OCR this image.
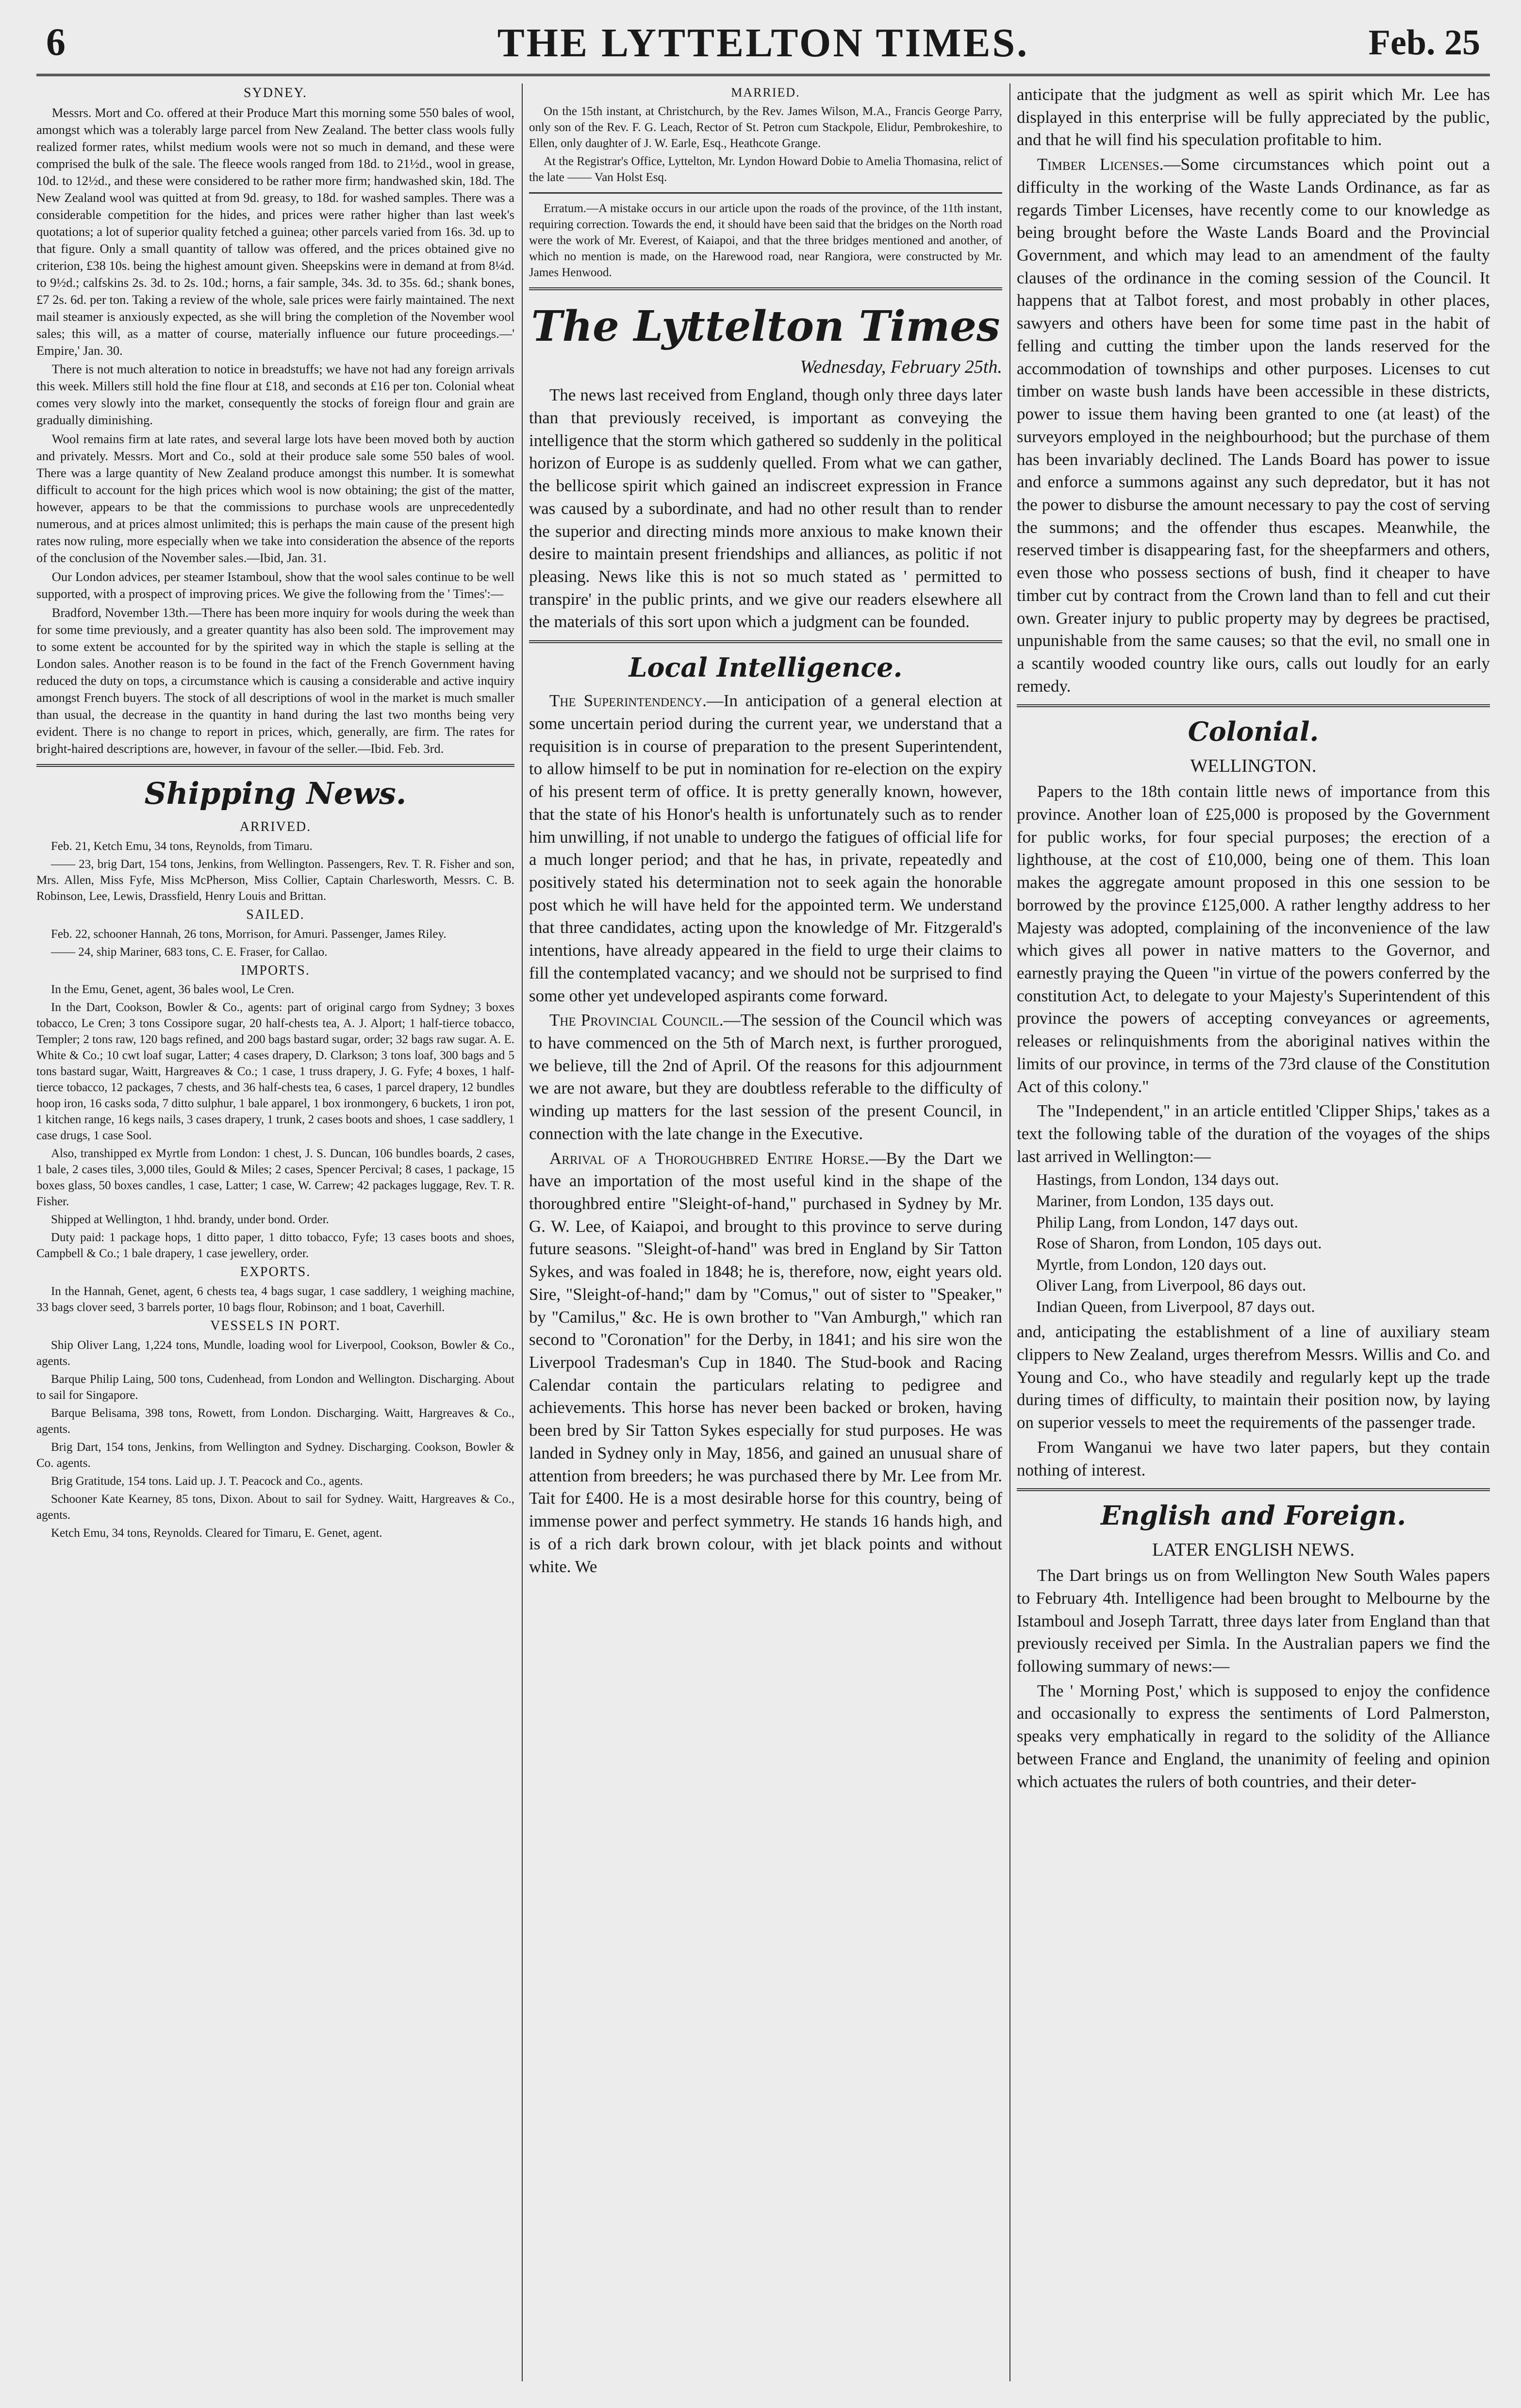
6	THE LYTTELTON TIMES.	Feb. 25
SYDNEY.

Messrs. Mort and Co. offered at their Produce Mart this morning some 550 bales of wool, amongst which was a tolerably large parcel from New Zealand. The better class wools fully realized former rates, whilst medium wools were not so much in demand, and these were comprised the bulk of the sale. The fleece wools ranged from 18d. to 21½d., wool in grease, 10d. to 12½d., and these were considered to be rather more firm; handwashed skin, 18d. The New Zealand wool was quitted at from 9d. greasy, to 18d. for washed samples. There was a considerable competition for the hides, and prices were rather higher than last week's quotations; a lot of superior quality fetched a guinea; other parcels varied from 16s. 3d. up to that figure. Only a small quantity of tallow was offered, and the prices obtained give no criterion, £38 10s. being the highest amount given. Sheepskins were in demand at from 8¼d. to 9½d.; calfskins 2s. 3d. to 2s. 10d.; horns, a fair sample, 34s. 3d. to 35s. 6d.; shank bones, £7 2s. 6d. per ton. Taking a review of the whole, sale prices were fairly maintained. The next mail steamer is anxiously expected, as she will bring the completion of the November wool sales; this will, as a matter of course, materially influence our future proceedings.—' Empire,' Jan. 30.

There is not much alteration to notice in breadstuffs; we have not had any foreign arrivals this week. Millers still hold the fine flour at £18, and seconds at £16 per ton. Colonial wheat comes very slowly into the market, consequently the stocks of foreign flour and grain are gradually diminishing.

Wool remains firm at late rates, and several large lots have been moved both by auction and privately. Messrs. Mort and Co., sold at their produce sale some 550 bales of wool. There was a large quantity of New Zealand produce amongst this number. It is somewhat difficult to account for the high prices which wool is now obtaining; the gist of the matter, however, appears to be that the commissions to purchase wools are unprecedentedly numerous, and at prices almost unlimited; this is perhaps the main cause of the present high rates now ruling, more especially when we take into consideration the absence of the reports of the conclusion of the November sales.—Ibid, Jan. 31.

Our London advices, per steamer Istamboul, show that the wool sales continue to be well supported, with a prospect of improving prices. We give the following from the ' Times':—

Bradford, November 13th.—There has been more inquiry for wools during the week than for some time previously, and a greater quantity has also been sold. The improvement may to some extent be accounted for by the spirited way in which the staple is selling at the London sales. Another reason is to be found in the fact of the French Government having reduced the duty on tops, a circumstance which is causing a considerable and active inquiry amongst French buyers. The stock of all descriptions of wool in the market is much smaller than usual, the decrease in the quantity in hand during the last two months being very evident. There is no change to report in prices, which, generally, are firm. The rates for bright-haired descriptions are, however, in favour of the seller.—Ibid. Feb. 3rd.

Shipping News.
ARRIVED.

Feb. 21, Ketch Emu, 34 tons, Reynolds, from Timaru.

—— 23, brig Dart, 154 tons, Jenkins, from Wellington. Passengers, Rev. T. R. Fisher and son, Mrs. Allen, Miss Fyfe, Miss McPherson, Miss Collier, Captain Charlesworth, Messrs. C. B. Robinson, Lee, Lewis, Drassfield, Henry Louis and Brittan.

SAILED.

Feb. 22, schooner Hannah, 26 tons, Morrison, for Amuri. Passenger, James Riley.

—— 24, ship Mariner, 683 tons, C. E. Fraser, for Callao.

IMPORTS.

In the Emu, Genet, agent, 36 bales wool, Le Cren.

In the Dart, Cookson, Bowler & Co., agents: part of original cargo from Sydney; 3 boxes tobacco, Le Cren; 3 tons Cossipore sugar, 20 half-chests tea, A. J. Alport; 1 half-tierce tobacco, Templer; 2 tons raw, 120 bags refined, and 200 bags bastard sugar, order; 32 bags raw sugar. A. E. White & Co.; 10 cwt loaf sugar, Latter; 4 cases drapery, D. Clarkson; 3 tons loaf, 300 bags and 5 tons bastard sugar, Waitt, Hargreaves & Co.; 1 case, 1 truss drapery, J. G. Fyfe; 4 boxes, 1 half-tierce tobacco, 12 packages, 7 chests, and 36 half-chests tea, 6 cases, 1 parcel drapery, 12 bundles hoop iron, 16 casks soda, 7 ditto sulphur, 1 bale apparel, 1 box ironmongery, 6 buckets, 1 iron pot, 1 kitchen range, 16 kegs nails, 3 cases drapery, 1 trunk, 2 cases boots and shoes, 1 case saddlery, 1 case drugs, 1 case Sool.

Also, transhipped ex Myrtle from London: 1 chest, J. S. Duncan, 106 bundles boards, 2 cases, 1 bale, 2 cases tiles, 3,000 tiles, Gould & Miles; 2 cases, Spencer Percival; 8 cases, 1 package, 15 boxes glass, 50 boxes candles, 1 case, Latter; 1 case, W. Carrew; 42 packages luggage, Rev. T. R. Fisher.

Shipped at Wellington, 1 hhd. brandy, under bond. Order.

Duty paid: 1 package hops, 1 ditto paper, 1 ditto tobacco, Fyfe; 13 cases boots and shoes, Campbell & Co.; 1 bale drapery, 1 case jewellery, order.

EXPORTS.

In the Hannah, Genet, agent, 6 chests tea, 4 bags sugar, 1 case saddlery, 1 weighing machine, 33 bags clover seed, 3 barrels porter, 10 bags flour, Robinson; and 1 boat, Caverhill.

VESSELS IN PORT.

Ship Oliver Lang, 1,224 tons, Mundle, loading wool for Liverpool, Cookson, Bowler & Co., agents.

Barque Philip Laing, 500 tons, Cudenhead, from London and Wellington. Discharging. About to sail for Singapore.

Barque Belisama, 398 tons, Rowett, from London. Discharging. Waitt, Hargreaves & Co., agents.

Brig Dart, 154 tons, Jenkins, from Wellington and Sydney. Discharging. Cookson, Bowler & Co. agents.

Brig Gratitude, 154 tons. Laid up. J. T. Peacock and Co., agents.

Schooner Kate Kearney, 85 tons, Dixon. About to sail for Sydney. Waitt, Hargreaves & Co., agents.

Ketch Emu, 34 tons, Reynolds. Cleared for Timaru, E. Genet, agent.

MARRIED.

On the 15th instant, at Christchurch, by the Rev. James Wilson, M.A., Francis George Parry, only son of the Rev. F. G. Leach, Rector of St. Petron cum Stackpole, Elidur, Pembrokeshire, to Ellen, only daughter of J. W. Earle, Esq., Heathcote Grange.

At the Registrar's Office, Lyttelton, Mr. Lyndon Howard Dobie to Amelia Thomasina, relict of the late —— Van Holst Esq.

Erratum.—A mistake occurs in our article upon the roads of the province, of the 11th instant, requiring correction. Towards the end, it should have been said that the bridges on the North road were the work of Mr. Everest, of Kaiapoi, and that the three bridges mentioned and another, of which no mention is made, on the Harewood road, near Rangiora, were constructed by Mr. James Henwood.

The Lyttelton Times
Wednesday, February 25th.

The news last received from England, though only three days later than that previously received, is important as conveying the intelligence that the storm which gathered so suddenly in the political horizon of Europe is as suddenly quelled. From what we can gather, the bellicose spirit which gained an indiscreet expression in France was caused by a subordinate, and had no other result than to render the superior and directing minds more anxious to make known their desire to maintain present friendships and alliances, as politic if not pleasing. News like this is not so much stated as ' permitted to transpire' in the public prints, and we give our readers elsewhere all the materials of this sort upon which a judgment can be founded.

Local Intelligence.

The Superintendency.—In anticipation of a general election at some uncertain period during the current year, we understand that a requisition is in course of preparation to the present Superintendent, to allow himself to be put in nomination for re-election on the expiry of his present term of office. It is pretty generally known, however, that the state of his Honor's health is unfortunately such as to render him unwilling, if not unable to undergo the fatigues of official life for a much longer period; and that he has, in private, repeatedly and positively stated his determination not to seek again the honorable post which he will have held for the appointed term. We understand that three candidates, acting upon the knowledge of Mr. Fitzgerald's intentions, have already appeared in the field to urge their claims to fill the contemplated vacancy; and we should not be surprised to find some other yet undeveloped aspirants come forward.

The Provincial Council.—The session of the Council which was to have commenced on the 5th of March next, is further prorogued, we believe, till the 2nd of April. Of the reasons for this adjournment we are not aware, but they are doubtless referable to the difficulty of winding up matters for the last session of the present Council, in connection with the late change in the Executive.

Arrival of a Thoroughbred Entire Horse.—By the Dart we have an importation of the most useful kind in the shape of the thoroughbred entire "Sleight-of-hand," purchased in Sydney by Mr. G. W. Lee, of Kaiapoi, and brought to this province to serve during future seasons. "Sleight-of-hand" was bred in England by Sir Tatton Sykes, and was foaled in 1848; he is, therefore, now, eight years old. Sire, "Sleight-of-hand;" dam by "Comus," out of sister to "Speaker," by "Camilus," &c. He is own brother to "Van Amburgh," which ran second to "Coronation" for the Derby, in 1841; and his sire won the Liverpool Tradesman's Cup in 1840. The Stud-book and Racing Calendar contain the particulars relating to pedigree and achievements. This horse has never been backed or broken, having been bred by Sir Tatton Sykes especially for stud purposes. He was landed in Sydney only in May, 1856, and gained an unusual share of attention from breeders; he was purchased there by Mr. Lee from Mr. Tait for £400. He is a most desirable horse for this country, being of immense power and perfect symmetry. He stands 16 hands high, and is of a rich dark brown colour, with jet black points and without white. We

anticipate that the judgment as well as spirit which Mr. Lee has displayed in this enterprise will be fully appreciated by the public, and that he will find his speculation profitable to him.

Timber Licenses.—Some circumstances which point out a difficulty in the working of the Waste Lands Ordinance, as far as regards Timber Licenses, have recently come to our knowledge as being brought before the Waste Lands Board and the Provincial Government, and which may lead to an amendment of the faulty clauses of the ordinance in the coming session of the Council. It happens that at Talbot forest, and most probably in other places, sawyers and others have been for some time past in the habit of felling and cutting the timber upon the lands reserved for the accommodation of townships and other purposes. Licenses to cut timber on waste bush lands have been accessible in these districts, power to issue them having been granted to one (at least) of the surveyors employed in the neighbourhood; but the purchase of them has been invariably declined. The Lands Board has power to issue and enforce a summons against any such depredator, but it has not the power to disburse the amount necessary to pay the cost of serving the summons; and the offender thus escapes. Meanwhile, the reserved timber is disappearing fast, for the sheepfarmers and others, even those who possess sections of bush, find it cheaper to have timber cut by contract from the Crown land than to fell and cut their own. Greater injury to public property may by degrees be practised, unpunishable from the same causes; so that the evil, no small one in a scantily wooded country like ours, calls out loudly for an early remedy.

Colonial.
WELLINGTON.

Papers to the 18th contain little news of importance from this province. Another loan of £25,000 is proposed by the Government for public works, for four special purposes; the erection of a lighthouse, at the cost of £10,000, being one of them. This loan makes the aggregate amount proposed in this one session to be borrowed by the province £125,000. A rather lengthy address to her Majesty was adopted, complaining of the inconvenience of the law which gives all power in native matters to the Governor, and earnestly praying the Queen "in virtue of the powers conferred by the constitution Act, to delegate to your Majesty's Superintendent of this province the powers of accepting conveyances or agreements, releases or relinquishments from the aboriginal natives within the limits of our province, in terms of the 73rd clause of the Constitution Act of this colony."

The "Independent," in an article entitled 'Clipper Ships,' takes as a text the following table of the duration of the voyages of the ships last arrived in Wellington:—

Hastings, from London, 134 days out.
Mariner, from London, 135 days out.
Philip Lang, from London, 147 days out.
Rose of Sharon, from London, 105 days out.
Myrtle, from London, 120 days out.
Oliver Lang, from Liverpool, 86 days out.
Indian Queen, from Liverpool, 87 days out.

and, anticipating the establishment of a line of auxiliary steam clippers to New Zealand, urges therefrom Messrs. Willis and Co. and Young and Co., who have steadily and regularly kept up the trade during times of difficulty, to maintain their position now, by laying on superior vessels to meet the requirements of the passenger trade.

From Wanganui we have two later papers, but they contain nothing of interest.

English and Foreign.
LATER ENGLISH NEWS.

The Dart brings us on from Wellington New South Wales papers to February 4th. Intelligence had been brought to Melbourne by the Istamboul and Joseph Tarratt, three days later from England than that previously received per Simla. In the Australian papers we find the following summary of news:—

The ' Morning Post,' which is supposed to enjoy the confidence and occasionally to express the sentiments of Lord Palmerston, speaks very emphatically in regard to the solidity of the Alliance between France and England, the unanimity of feeling and opinion which actuates the rulers of both countries, and their deter-
